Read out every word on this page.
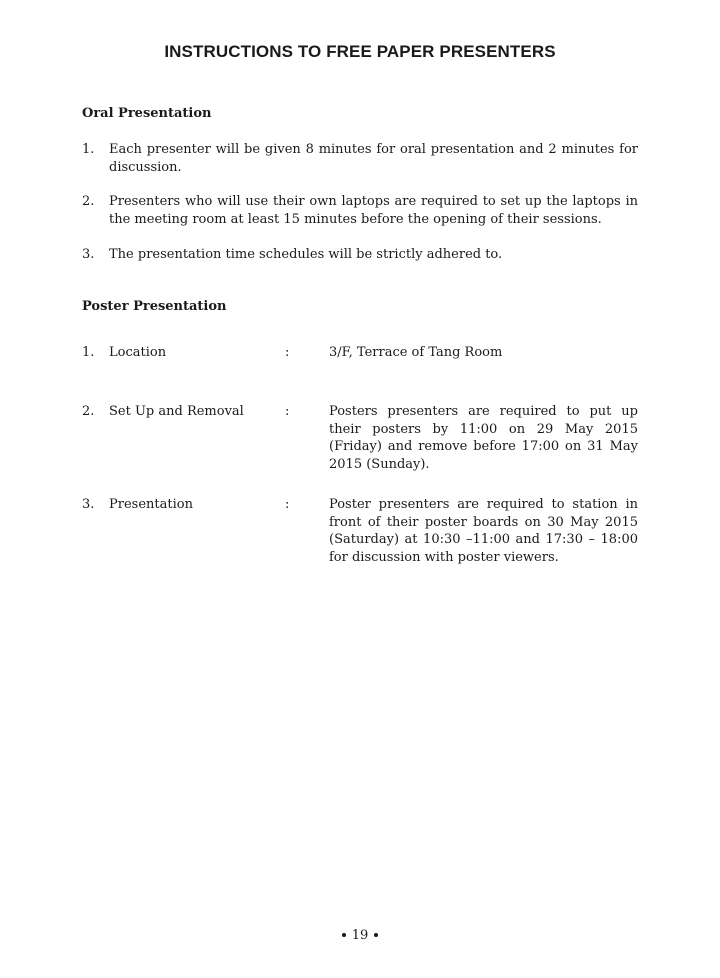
INSTRUCTIONS TO FREE PAPER PRESENTERS
Oral Presentation
1. Each presenter will be given 8 minutes for oral presentation and 2 minutes for discussion.
2. Presenters who will use their own laptops are required to set up the laptops in the meeting room at least 15 minutes before the opening of their sessions.
3. The presentation time schedules will be strictly adhered to.
Poster Presentation
1. Location	:	3/F, Terrace of Tang Room
2. Set Up and Removal	:	Posters presenters are required to put up their posters by 11:00 on 29 May 2015 (Friday) and remove before 17:00 on 31 May 2015 (Sunday).
3. Presentation	:	Poster presenters are required to station in front of their poster boards on 30 May 2015 (Saturday) at 10:30 –11:00 and 17:30 – 18:00 for discussion with poster viewers.
19
